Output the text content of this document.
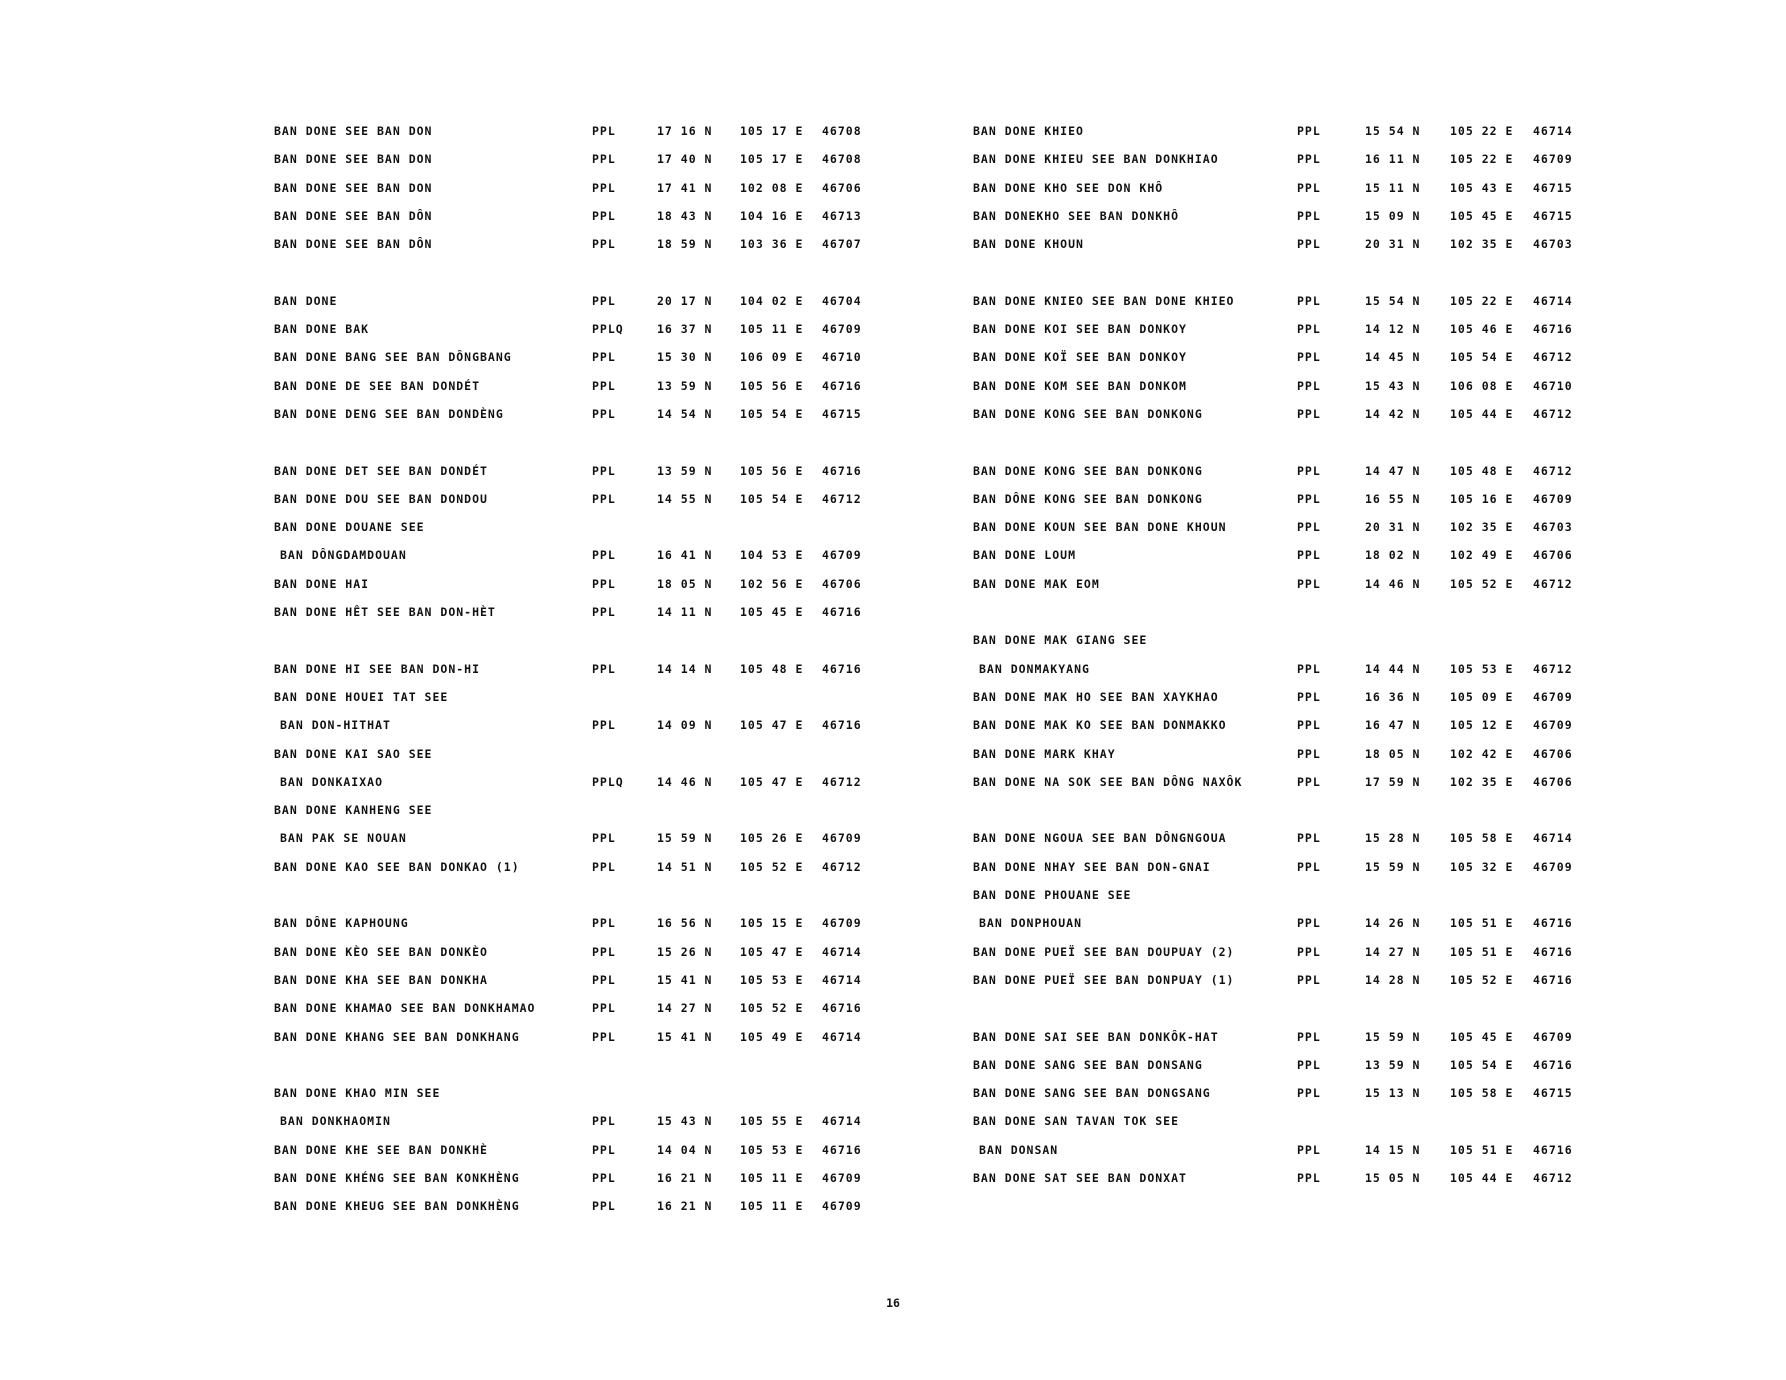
BAN DONE SEE BAN DON	PPL	17 16 N 105 17 E 46708
BAN DONE SEE BAN DON	PPL	17 40 N 105 17 E 46708
BAN DONE SEE BAN DON	PPL	17 41 N 102 08 E 46706
BAN DONE SEE BAN DÔN	PPL	18 43 N 104 16 E 46713
BAN DONE SEE BAN DÔN	PPL	18 59 N 103 36 E 46707
BAN DONE	PPL	20 17 N 104 02 E 46704
BAN DONE BAK	PPLQ	16 37 N 105 11 E 46709
BAN DONE BANG SEE BAN DÔNGBANG	PPL	15 30 N 106 09 E 46710
BAN DONE DE SEE BAN DONDÉT	PPL	13 59 N 105 56 E 46716
BAN DONE DENG SEE BAN DONDÈNG	PPL	14 54 N 105 54 E 46715
BAN DONE DET SEE BAN DONDÉT	PPL	13 59 N 105 56 E 46716
BAN DONE DOU SEE BAN DONDOU	PPL	14 55 N 105 54 E 46712
BAN DONE DOUANE SEE
BAN DÔNGDAMDOUAN	PPL	16 41 N 104 53 E 46709
BAN DONE HAI	PPL	18 05 N 102 56 E 46706
BAN DONE HÊT SEE BAN DON-HÈT	PPL	14 11 N 105 45 E 46716
BAN DONE HI SEE BAN DON-HI	PPL	14 14 N 105 48 E 46716
BAN DONE HOUEI TAT SEE
BAN DON-HITHAT	PPL	14 09 N 105 47 E 46716
BAN DONE KAI SAO SEE
BAN DONKAIXAO	PPLQ	14 46 N 105 47 E 46712
BAN DONE KANHENG SEE
BAN PAK SE NOUAN	PPL	15 59 N 105 26 E 46709
BAN DONE KAO SEE BAN DONKAO (1)	PPL	14 51 N 105 52 E 46712
BAN DÔNE KAPHOUNG	PPL	16 56 N 105 15 E 46709
BAN DONE KÈO SEE BAN DONKÈO	PPL	15 26 N 105 47 E 46714
BAN DONE KHA SEE BAN DONKHA	PPL	15 41 N 105 53 E 46714
BAN DONE KHAMAO SEE BAN DONKHAMAO	PPL	14 27 N 105 52 E 46716
BAN DONE KHANG SEE BAN DONKHANG	PPL	15 41 N 105 49 E 46714
BAN DONE KHAO MIN SEE
BAN DONKHAOMIN	PPL	15 43 N 105 55 E 46714
BAN DONE KHE SEE BAN DONKHÈ	PPL	14 04 N 105 53 E 46716
BAN DONE KHÉNG SEE BAN KONKHÈNG	PPL	16 21 N 105 11 E 46709
BAN DONE KHEUG SEE BAN DONKHÈNG	PPL	16 21 N 105 11 E 46709
BAN DONE KHIEO	PPL	15 54 N	105 22 E 46714
BAN DONE KHIEU SEE BAN DONKHIAO	PPL	16 11 N	105 22 E 46709
BAN DONE KHO SEE DON KHÔ	PPL	15 11 N	105 43 E 46715
BAN DONEKHO SEE BAN DONKHÔ	PPL	15 09 N	105 45 E 46715
BAN DONE KHOUN	PPL	20 31 N	102 35 E 46703
BAN DONE KNIEO SEE BAN DONE KHIEO	PPL	15 54 N	105 22 E 46714
BAN DONE KOI SEE BAN DONKOY	PPL	14 12 N	105 46 E 46716
BAN DONE KOÏ SEE BAN DONKOY	PPL	14 45 N	105 54 E 46712
BAN DONE KOM SEE BAN DONKOM	PPL	15 43 N	106 08 E 46710
BAN DONE KONG SEE BAN DONKONG	PPL	14 42 N	105 44 E 46712
BAN DONE KONG SEE BAN DONKONG	PPL	14 47 N	105 48 E 46712
BAN DÔNE KONG SEE BAN DONKONG	PPL	16 55 N	105 16 E 46709
BAN DONE KOUN SEE BAN DONE KHOUN	PPL	20 31 N	102 35 E 46703
BAN DONE LOUM	PPL	18 02 N	102 49 E 46706
BAN DONE MAK EOM	PPL	14 46 N	105 52 E 46712
BAN DONE MAK GIANG SEE
BAN DONMAKYANG	PPL	14 44 N	105 53 E 46712
BAN DONE MAK HO SEE BAN XAYKHAO	PPL	16 36 N	105 09 E 46709
BAN DONE MAK KO SEE BAN DONMAKKO	PPL	16 47 N	105 12 E 46709
BAN DONE MARK KHAY	PPL	18 05 N	102 42 E 46706
BAN DONE NA SOK SEE BAN DÔNG NAXÔK	PPL	17 59 N	102 35 E 46706
BAN DONE NGOUA SEE BAN DÔNGNGOUA	PPL	15 28 N	105 58 E 46714
BAN DONE NHAY SEE BAN DON-GNAI	PPL	15 59 N	105 32 E 46709
BAN DONE PHOUANE SEE
BAN DONPHOUAN	PPL	14 26 N	105 51 E 46716
BAN DONE PUEÏ SEE BAN DOUPUAY (2)	PPL	14 27 N	105 51 E 46716
BAN DONE PUEÏ SEE BAN DONPUAY (1)	PPL	14 28 N	105 52 E 46716
BAN DONE SAI SEE BAN DONKÔK-HAT	PPL	15 59 N	105 45 E 46709
BAN DONE SANG SEE BAN DONSANG	PPL	13 59 N	105 54 E 46716
BAN DONE SANG SEE BAN DONGSANG	PPL	15 13 N	105 58 E 46715
BAN DONE SAN TAVAN TOK SEE
BAN DONSAN	PPL	14 15 N	105 51 E 46716
BAN DONE SAT SEE BAN DONXAT	PPL	15 05 N	105 44 E 46712
16
